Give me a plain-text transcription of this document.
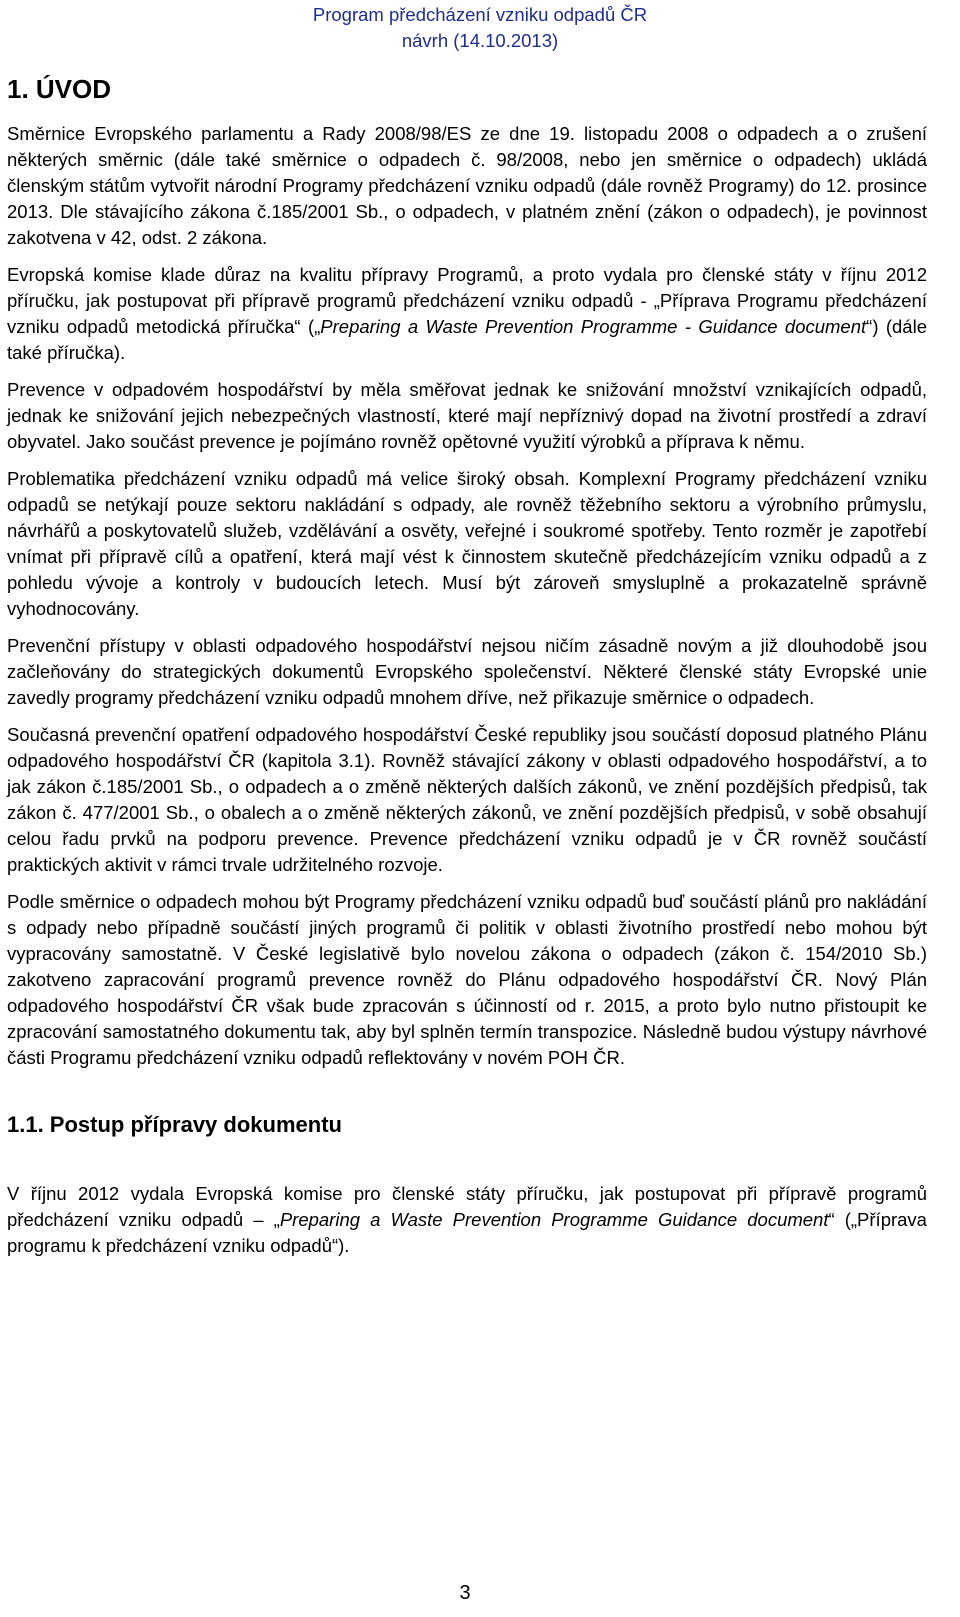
Program předcházení vzniku odpadů ČR
návrh (14.10.2013)
1. ÚVOD

Směrnice Evropského parlamentu a Rady 2008/98/ES ze dne 19. listopadu 2008 o odpadech a o zrušení některých směrnic (dále také směrnice o odpadech č. 98/2008, nebo jen směrnice o odpadech) ukládá členským státům vytvořit národní Programy předcházení vzniku odpadů (dále rovněž Programy) do 12. prosince 2013. Dle stávajícího zákona č.185/2001 Sb., o odpadech, v platném znění (zákon o odpadech), je povinnost zakotvena v 42, odst. 2 zákona.

Evropská komise klade důraz na kvalitu přípravy Programů, a proto vydala pro členské státy v říjnu 2012 příručku, jak postupovat při přípravě programů předcházení vzniku odpadů - „Příprava Programu předcházení vzniku odpadů metodická příručka“ („Preparing a Waste Prevention Programme - Guidance document“) (dále také příručka).

Prevence v odpadovém hospodářství by měla směřovat jednak ke snižování množství vznikajících odpadů, jednak ke snižování jejich nebezpečných vlastností, které mají nepříznivý dopad na životní prostředí a zdraví obyvatel. Jako součást prevence je pojímáno rovněž opětovné využití výrobků a příprava k němu.

Problematika předcházení vzniku odpadů má velice široký obsah. Komplexní Programy předcházení vzniku odpadů se netýkají pouze sektoru nakládání s odpady, ale rovněž těžebního sektoru a výrobního průmyslu, návrhářů a poskytovatelů služeb, vzdělávání a osvěty, veřejné i soukromé spotřeby. Tento rozměr je zapotřebí vnímat při přípravě cílů a opatření, která mají vést k činnostem skutečně předcházejícím vzniku odpadů a z pohledu vývoje a kontroly v budoucích letech. Musí být zároveň smysluplně a prokazatelně správně vyhodnocovány.

Prevenční přístupy v oblasti odpadového hospodářství nejsou ničím zásadně novým a již dlouhodobě jsou začleňovány do strategických dokumentů Evropského společenství. Některé členské státy Evropské unie zavedly programy předcházení vzniku odpadů mnohem dříve, než přikazuje směrnice o odpadech.

Současná prevenční opatření odpadového hospodářství České republiky jsou součástí doposud platného Plánu odpadového hospodářství ČR (kapitola 3.1). Rovněž stávající zákony v oblasti odpadového hospodářství, a to jak zákon č.185/2001 Sb., o odpadech a o změně některých dalších zákonů, ve znění pozdějších předpisů, tak zákon č. 477/2001 Sb., o obalech a o změně některých zákonů, ve znění pozdějších předpisů, v sobě obsahují celou řadu prvků na podporu prevence. Prevence předcházení vzniku odpadů je v ČR rovněž součástí praktických aktivit v rámci trvale udržitelného rozvoje.

Podle směrnice o odpadech mohou být Programy předcházení vzniku odpadů buď součástí plánů pro nakládání s odpady nebo případně součástí jiných programů či politik v oblasti životního prostředí nebo mohou být vypracovány samostatně. V České legislativě bylo novelou zákona o odpadech (zákon č. 154/2010 Sb.) zakotveno zapracování programů prevence rovněž do Plánu odpadového hospodářství ČR. Nový Plán odpadového hospodářství ČR však bude zpracován s účinností od r. 2015, a proto bylo nutno přistoupit ke zpracování samostatného dokumentu tak, aby byl splněn termín transpozice. Následně budou výstupy návrhové části Programu předcházení vzniku odpadů reflektovány v novém POH ČR.

1.1. Postup přípravy dokumentu

V říjnu 2012 vydala Evropská komise pro členské státy příručku, jak postupovat při přípravě programů předcházení vzniku odpadů – „Preparing a Waste Prevention Programme Guidance document“ („Příprava programu k předcházení vzniku odpadů“).

3
